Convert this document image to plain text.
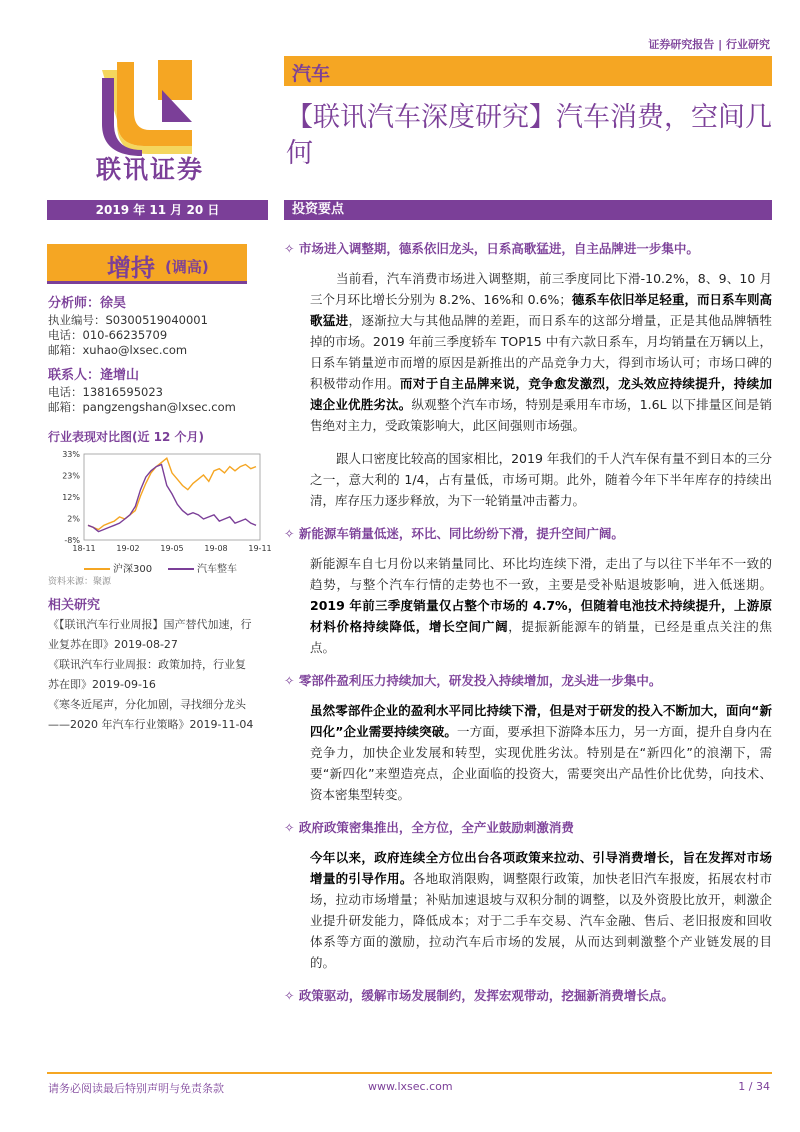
证券研究报告 | 行业研究
联讯证券
汽车
【联讯汽车深度研究】汽车消费，空间几何
2019 年 11 月 20 日	投资要点
增持 (调高)
分析师：徐昊
执业编号：S0300519040001
电话：010-66235709
邮箱：xuhao@lxsec.com
联系人：逄增山
电话：13816595023
邮箱：pangzengshan@lxsec.com
行业表现对比图(近 12 个月)
33%
23%
12%
2%
-8%
18-11	19-02	19-05	19-08	19-11
沪深300	汽车整车
资料来源：聚源
相关研究
《【联讯汽车行业周报】国产替代加速，行
业复苏在即》2019-08-27
《联讯汽车行业周报：政策加持，行业复
苏在即》2019-09-16
《寒冬近尾声，分化加剧，寻找细分龙头
——2020 年汽车行业策略》2019-11-04
✧ 市场进入调整期，德系依旧龙头，日系高歌猛进，自主品牌进一步集中。
当前看，汽车消费市场进入调整期，前三季度同比下滑-10.2%，8、9、10 月三个月环比增长分别为 8.2%、16%和 0.6%；德系车依旧举足轻重，而日系车则高歌猛进，逐渐拉大与其他品牌的差距，而日系车的这部分增量，正是其他品牌牺牲掉的市场。2019 年前三季度轿车 TOP15 中有六款日系车，月均销量在万辆以上，日系车销量逆市而增的原因是新推出的产品竞争力大，得到市场认可；市场口碑的积极带动作用。而对于自主品牌来说，竞争愈发激烈，龙头效应持续提升，持续加速企业优胜劣汰。纵观整个汽车市场，特别是乘用车市场，1.6L 以下排量区间是销售绝对主力，受政策影响大，此区间强则市场强。
跟人口密度比较高的国家相比，2019 年我们的千人汽车保有量不到日本的三分之一，意大利的 1/4，占有量低，市场可期。此外，随着今年下半年库存的持续出清，库存压力逐步释放，为下一轮销量冲击蓄力。
✧ 新能源车销量低迷，环比、同比纷纷下滑，提升空间广阔。
新能源车自七月份以来销量同比、环比均连续下滑，走出了与以往下半年不一致的趋势，与整个汽车行情的走势也不一致，主要是受补贴退坡影响，进入低迷期。2019 年前三季度销量仅占整个市场的 4.7%，但随着电池技术持续提升，上游原材料价格持续降低，增长空间广阔，提振新能源车的销量，已经是重点关注的焦点。
✧ 零部件盈利压力持续加大，研发投入持续增加，龙头进一步集中。
虽然零部件企业的盈利水平同比持续下滑，但是对于研发的投入不断加大，面向“新四化”企业需要持续突破。一方面，要承担下游降本压力，另一方面，提升自身内在竞争力，加快企业发展和转型，实现优胜劣汰。特别是在“新四化”的浪潮下，需要“新四化”来塑造亮点，企业面临的投资大，需要突出产品性价比优势，向技术、资本密集型转变。
✧ 政府政策密集推出，全方位，全产业鼓励刺激消费
今年以来，政府连续全方位出台各项政策来拉动、引导消费增长，旨在发挥对市场增量的引导作用。各地取消限购，调整限行政策，加快老旧汽车报废，拓展农村市场，拉动市场增量；补贴加速退坡与双积分制的调整，以及外资股比放开，刺激企业提升研发能力，降低成本；对于二手车交易、汽车金融、售后、老旧报废和回收体系等方面的激励，拉动汽车后市场的发展，从而达到刺激整个产业链发展的目的。
✧ 政策驱动，缓解市场发展制约，发挥宏观带动，挖掘新消费增长点。
请务必阅读最后特别声明与免责条款	www.lxsec.com	1 / 34
